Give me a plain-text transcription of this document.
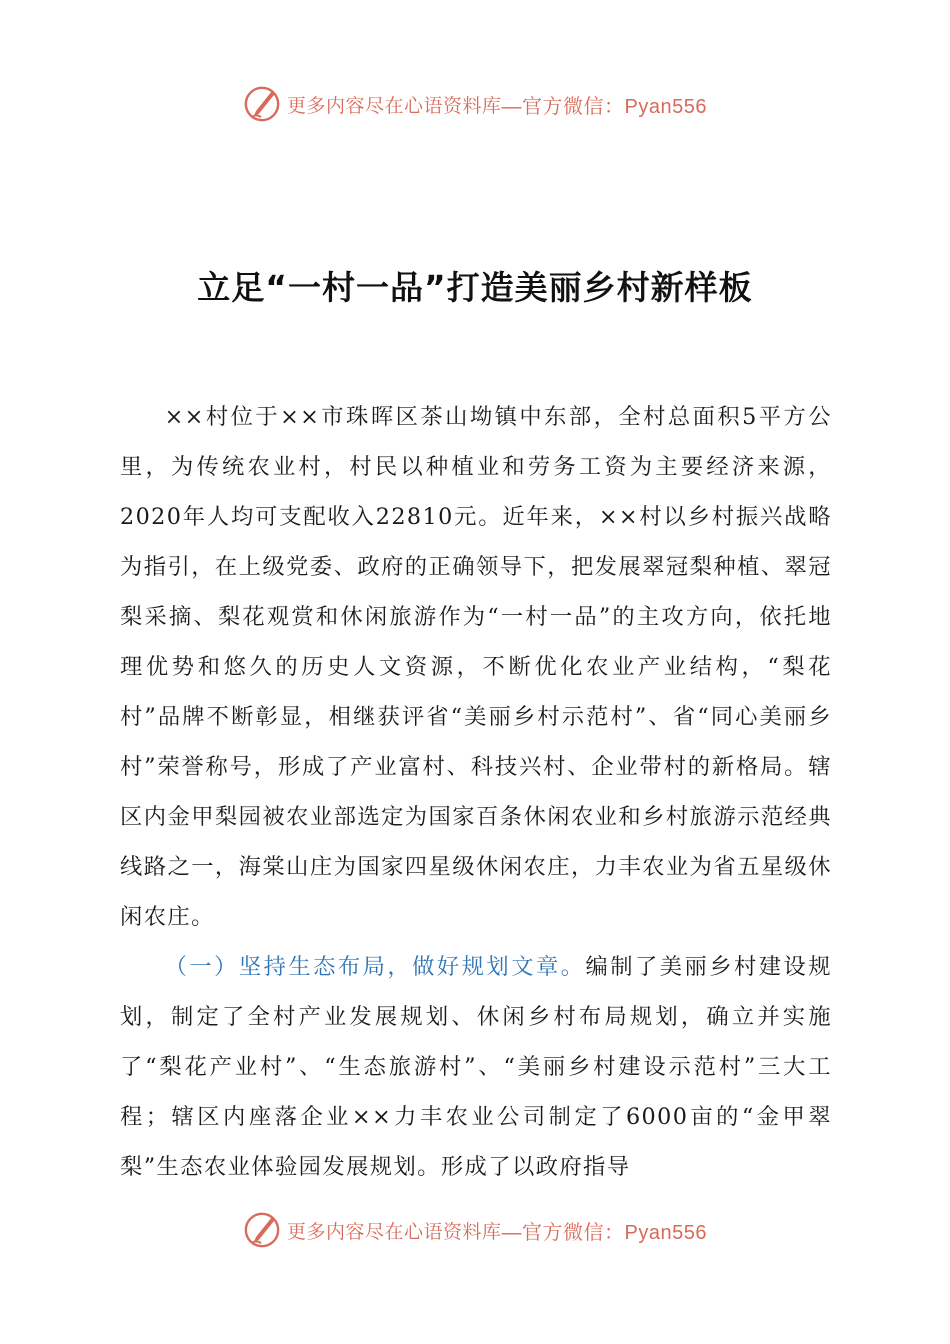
更多内容尽在心语资料库 —官方微信：Pyan556
立足“一村一品”打造美丽乡村新样板

××村位于××市珠晖区茶山坳镇中东部，全村总面积5平方公里，为传统农业村，村民以种植业和劳务工资为主要经济来源，2020年人均可支配收入22810元。近年来，××村以乡村振兴战略为指引，在上级党委、政府的正确领导下，把发展翠冠梨种植、翠冠梨采摘、梨花观赏和休闲旅游作为“一村一品”的主攻方向，依托地理优势和悠久的历史人文资源，不断优化农业产业结构，“梨花村”品牌不断彰显，相继获评省“美丽乡村示范村”、省“同心美丽乡村”荣誉称号，形成了产业富村、科技兴村、企业带村的新格局。辖区内金甲梨园被农业部选定为国家百条休闲农业和乡村旅游示范经典线路之一，海棠山庄为国家四星级休闲农庄，力丰农业为省五星级休闲农庄。

（一）坚持生态布局，做好规划文章。编制了美丽乡村建设规划，制定了全村产业发展规划、休闲乡村布局规划，确立并实施了“梨花产业村”、“生态旅游村”、“美丽乡村建设示范村”三大工程；辖区内座落企业××力丰农业公司制定了6000亩的“金甲翠梨”生态农业体验园发展规划。形成了以政府指导

更多内容尽在心语资料库 —官方微信：Pyan556
